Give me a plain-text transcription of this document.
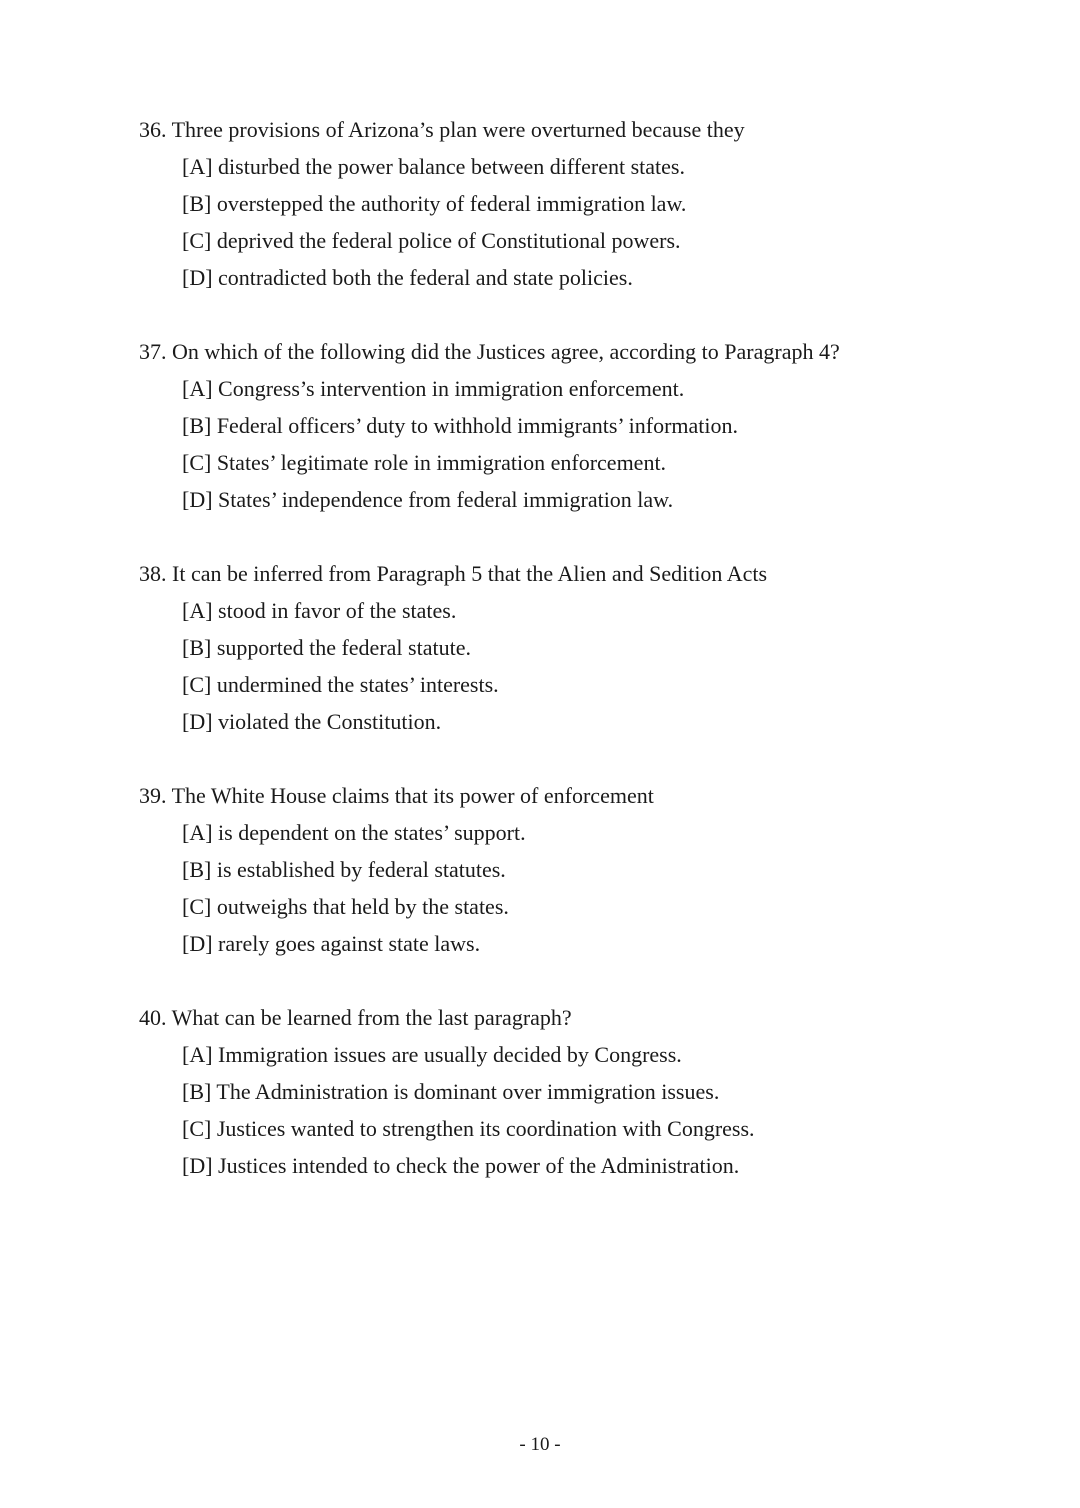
36. Three provisions of Arizona’s plan were overturned because they
[A] disturbed the power balance between different states.
[B] overstepped the authority of federal immigration law.
[C] deprived the federal police of Constitutional powers.
[D] contradicted both the federal and state policies.
37. On which of the following did the Justices agree, according to Paragraph 4?
[A] Congress’s intervention in immigration enforcement.
[B] Federal officers’ duty to withhold immigrants’ information.
[C] States’ legitimate role in immigration enforcement.
[D] States’ independence from federal immigration law.
38. It can be inferred from Paragraph 5 that the Alien and Sedition Acts
[A] stood in favor of the states.
[B] supported the federal statute.
[C] undermined the states’ interests.
[D] violated the Constitution.
39. The White House claims that its power of enforcement
[A] is dependent on the states’ support.
[B] is established by federal statutes.
[C] outweighs that held by the states.
[D] rarely goes against state laws.
40. What can be learned from the last paragraph?
[A] Immigration issues are usually decided by Congress.
[B] The Administration is dominant over immigration issues.
[C] Justices wanted to strengthen its coordination with Congress.
[D] Justices intended to check the power of the Administration.
- 10 -
